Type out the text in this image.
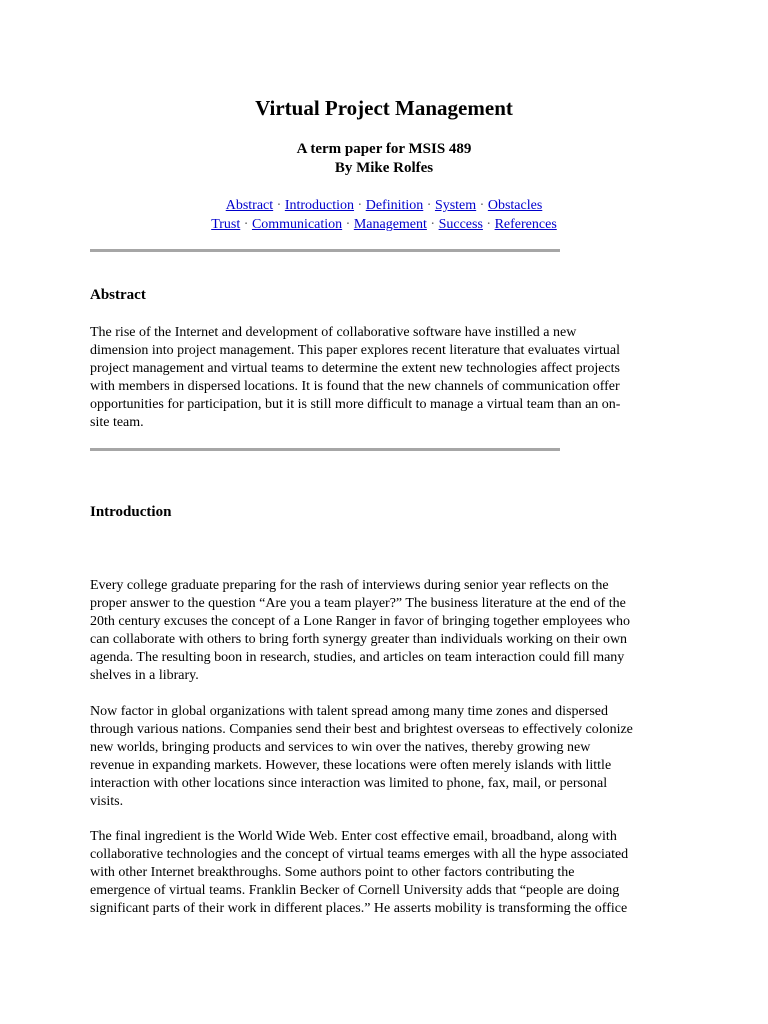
Virtual Project Management
A term paper for MSIS 489
By Mike Rolfes
Abstract · Introduction · Definition · System · Obstacles
Trust · Communication · Management · Success · References
Abstract
The rise of the Internet and development of collaborative software have instilled a new
dimension into project management. This paper explores recent literature that evaluates virtual
project management and virtual teams to determine the extent new technologies affect projects
with members in dispersed locations. It is found that the new channels of communication offer
opportunities for participation, but it is still more difficult to manage a virtual team than an on-
site team.
Introduction
Every college graduate preparing for the rash of interviews during senior year reflects on the
proper answer to the question “Are you a team player?” The business literature at the end of the
20th century excuses the concept of a Lone Ranger in favor of bringing together employees who
can collaborate with others to bring forth synergy greater than individuals working on their own
agenda. The resulting boon in research, studies, and articles on team interaction could fill many
shelves in a library.
Now factor in global organizations with talent spread among many time zones and dispersed
through various nations. Companies send their best and brightest overseas to effectively colonize
new worlds, bringing products and services to win over the natives, thereby growing new
revenue in expanding markets. However, these locations were often merely islands with little
interaction with other locations since interaction was limited to phone, fax, mail, or personal
visits.
The final ingredient is the World Wide Web. Enter cost effective email, broadband, along with
collaborative technologies and the concept of virtual teams emerges with all the hype associated
with other Internet breakthroughs. Some authors point to other factors contributing the
emergence of virtual teams. Franklin Becker of Cornell University adds that “people are doing
significant parts of their work in different places.” He asserts mobility is transforming the office
